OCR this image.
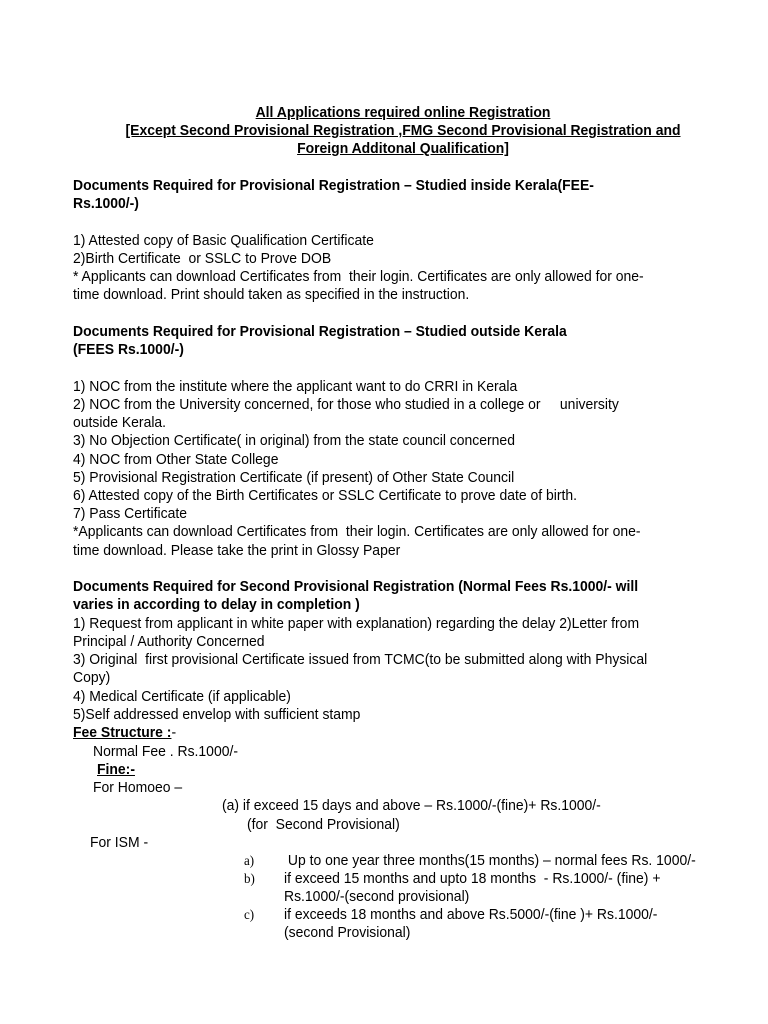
All Applications required online Registration
[Except Second Provisional Registration ,FMG Second Provisional Registration and
Foreign Additonal Qualification]
Documents Required for Provisional Registration – Studied inside Kerala(FEE-
Rs.1000/-)
1) Attested copy of Basic Qualification Certificate
2)Birth Certificate  or SSLC to Prove DOB
* Applicants can download Certificates from  their login. Certificates are only allowed for one-
time download. Print should taken as specified in the instruction.
Documents Required for Provisional Registration – Studied outside Kerala
(FEES Rs.1000/-)
1) NOC from the institute where the applicant want to do CRRI in Kerala
2) NOC from the University concerned, for those who studied in a college or     university
outside Kerala.
3) No Objection Certificate( in original) from the state council concerned
4) NOC from Other State College
5) Provisional Registration Certificate (if present) of Other State Council
6) Attested copy of the Birth Certificates or SSLC Certificate to prove date of birth.
7) Pass Certificate
*Applicants can download Certificates from  their login. Certificates are only allowed for one-
time download. Please take the print in Glossy Paper
Documents Required for Second Provisional Registration (Normal Fees Rs.1000/- will
varies in according to delay in completion )
1) Request from applicant in white paper with explanation) regarding the delay 2)Letter from
Principal / Authority Concerned
3) Original  first provisional Certificate issued from TCMC(to be submitted along with Physical
Copy)
4) Medical Certificate (if applicable)
5)Self addressed envelop with sufficient stamp
Fee Structure :-
Normal Fee . Rs.1000/-
Fine:-
For Homoeo –
(a) if exceed 15 days and above – Rs.1000/-(fine)+ Rs.1000/-
(for  Second Provisional)
For ISM -
a) Up to one year three months(15 months) – normal fees Rs. 1000/-
b) if exceed 15 months and upto 18 months  - Rs.1000/- (fine) +
Rs.1000/-(second provisional)
c) if exceeds 18 months and above Rs.5000/-(fine )+ Rs.1000/-
(second Provisional)
